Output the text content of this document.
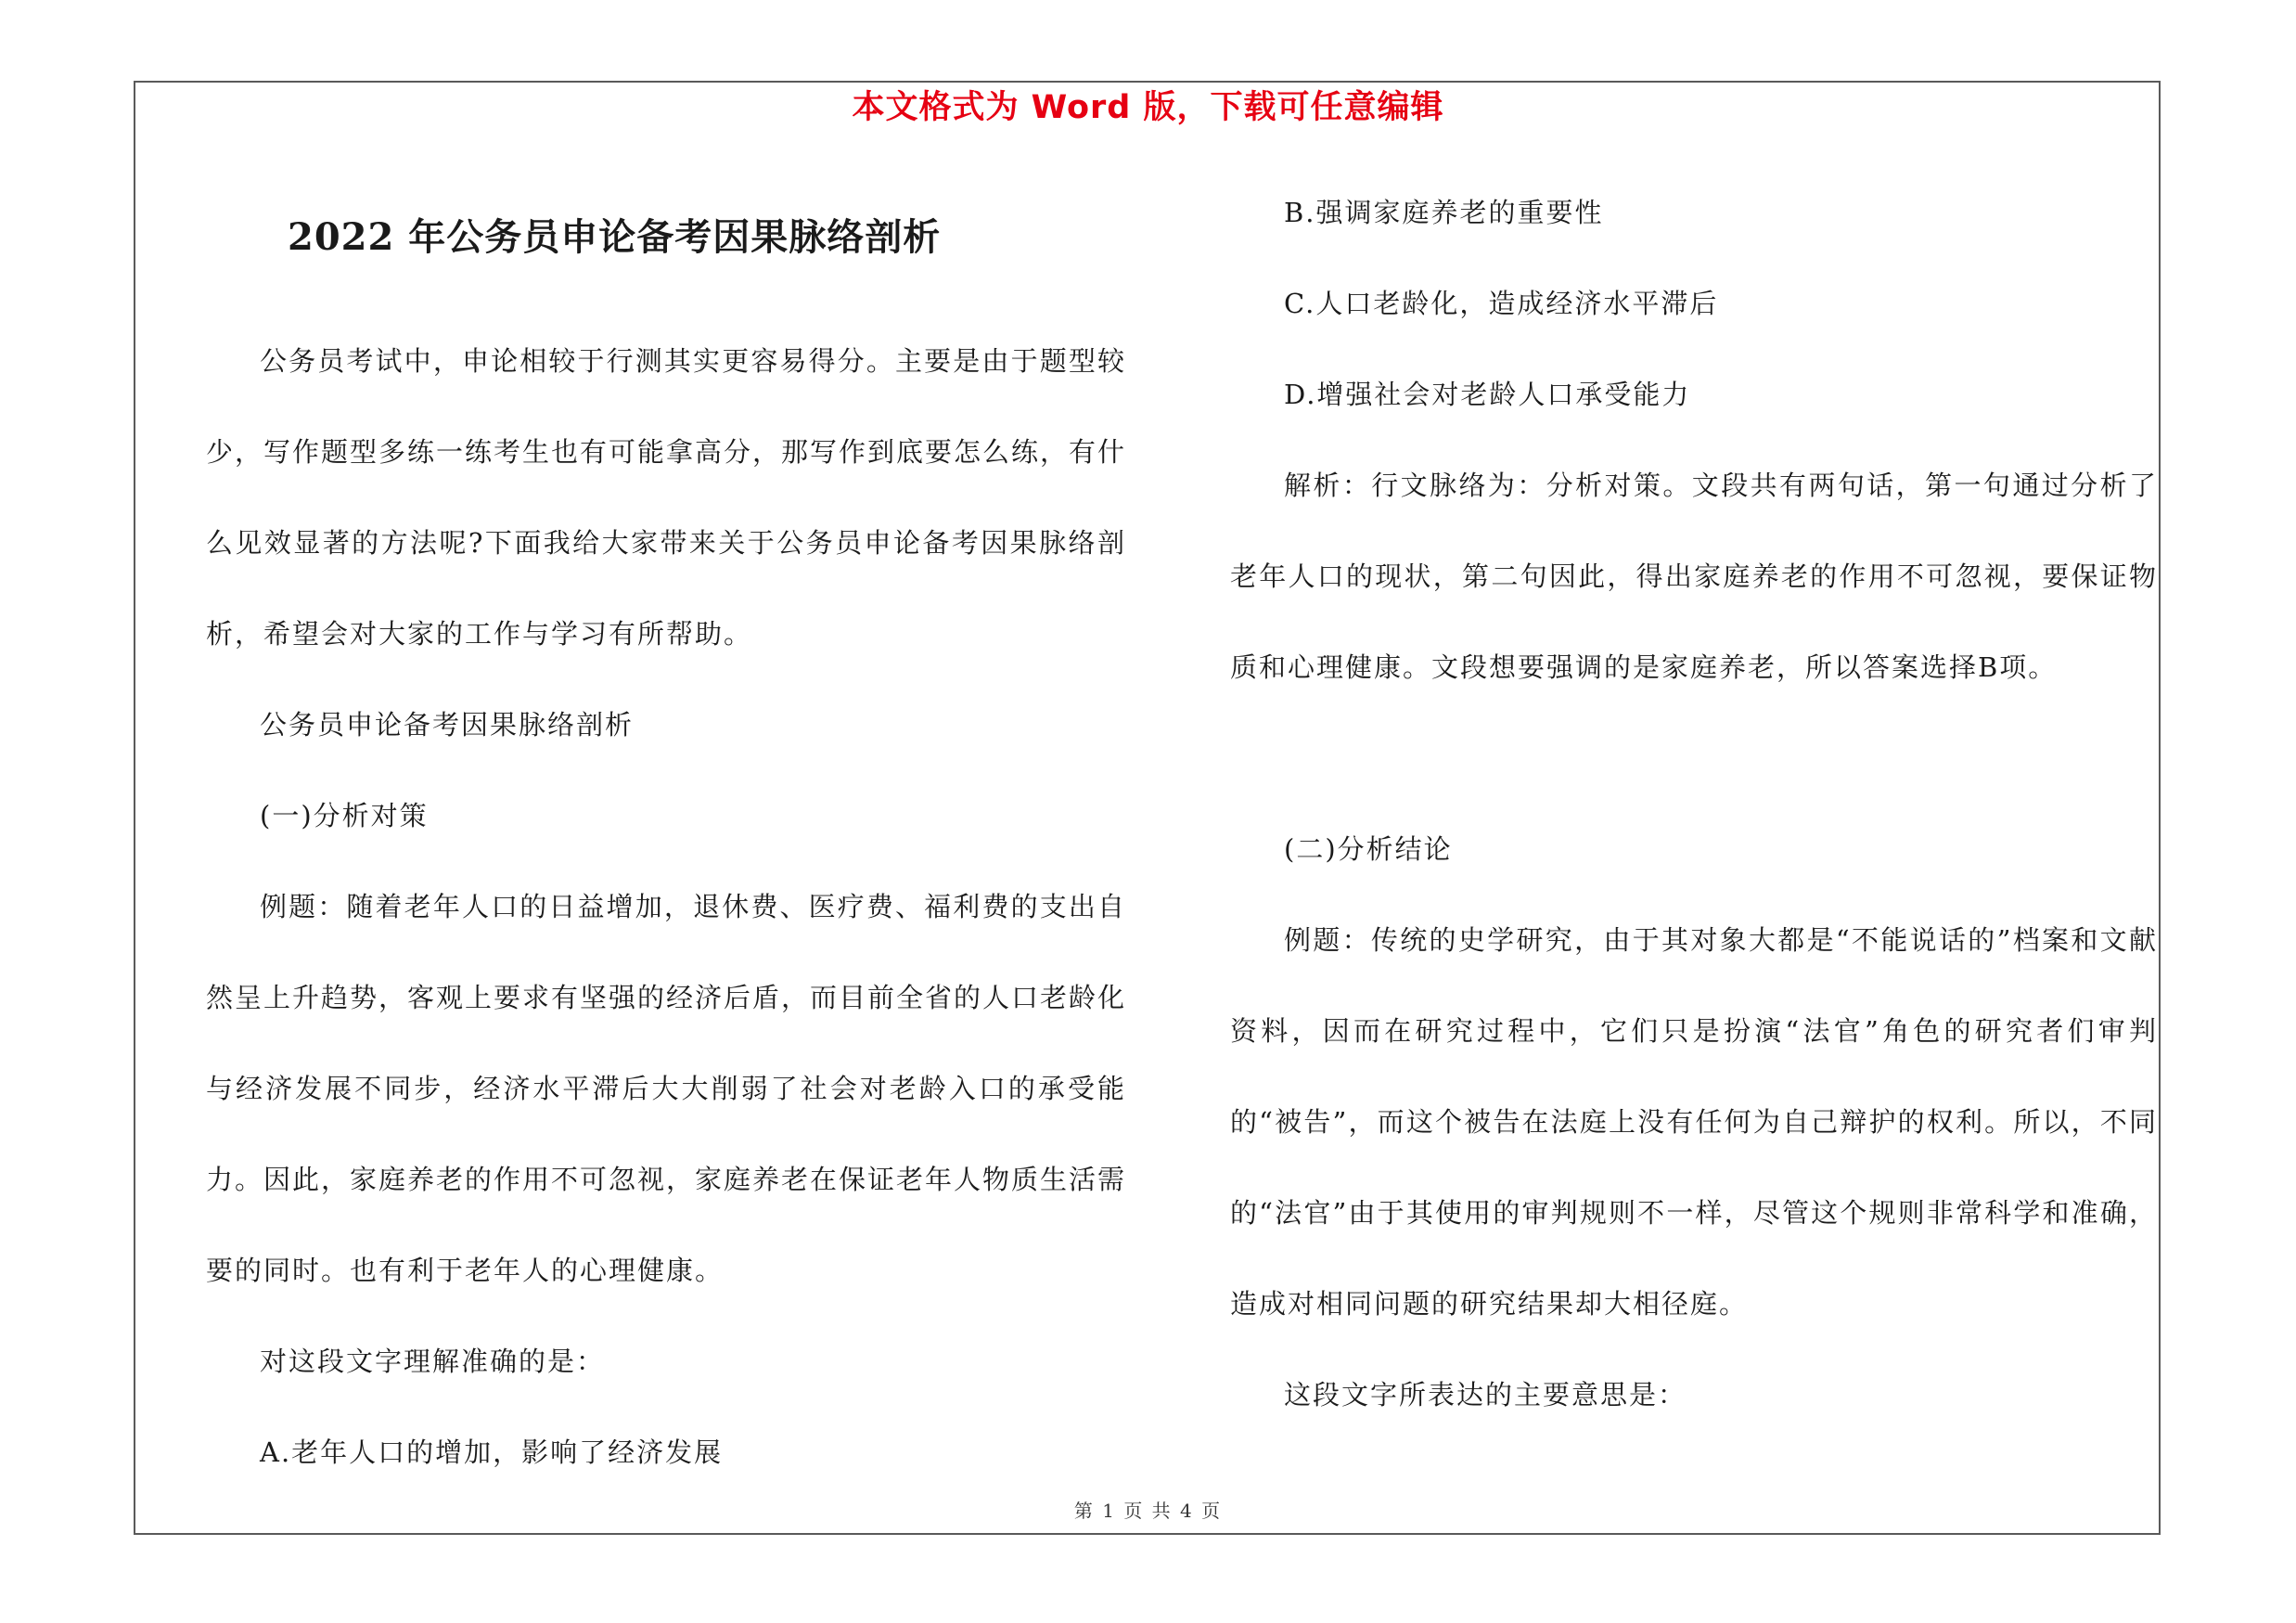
本文格式为 Word 版，下载可任意编辑
2022 年公务员申论备考因果脉络剖析

公务员考试中，申论相较于行测其实更容易得分。主要是由于题型较少，写作题型多练一练考生也有可能拿高分，那写作到底要怎么练，有什么见效显著的方法呢?下面我给大家带来关于公务员申论备考因果脉络剖析，希望会对大家的工作与学习有所帮助。

公务员申论备考因果脉络剖析

(一)分析对策

例题：随着老年人口的日益增加，退休费、医疗费、福利费的支出自然呈上升趋势，客观上要求有坚强的经济后盾，而目前全省的人口老龄化与经济发展不同步，经济水平滞后大大削弱了社会对老龄入口的承受能力。因此，家庭养老的作用不可忽视，家庭养老在保证老年人物质生活需要的同时。也有利于老年人的心理健康。

对这段文字理解准确的是：

A.老年人口的增加，影响了经济发展

B.强调家庭养老的重要性

C.人口老龄化，造成经济水平滞后

D.增强社会对老龄人口承受能力

解析：行文脉络为：分析对策。文段共有两句话，第一句通过分析了老年人口的现状，第二句因此，得出家庭养老的作用不可忽视，要保证物质和心理健康。文段想要强调的是家庭养老，所以答案选择B项。

(二)分析结论

例题：传统的史学研究，由于其对象大都是“不能说话的”档案和文献资料，因而在研究过程中，它们只是扮演“法官”角色的研究者们审判的“被告”，而这个被告在法庭上没有任何为自己辩护的权利。所以，不同的“法官”由于其使用的审判规则不一样，尽管这个规则非常科学和准确，造成对相同问题的研究结果却大相径庭。

这段文字所表达的主要意思是：

第 1 页 共 4 页
